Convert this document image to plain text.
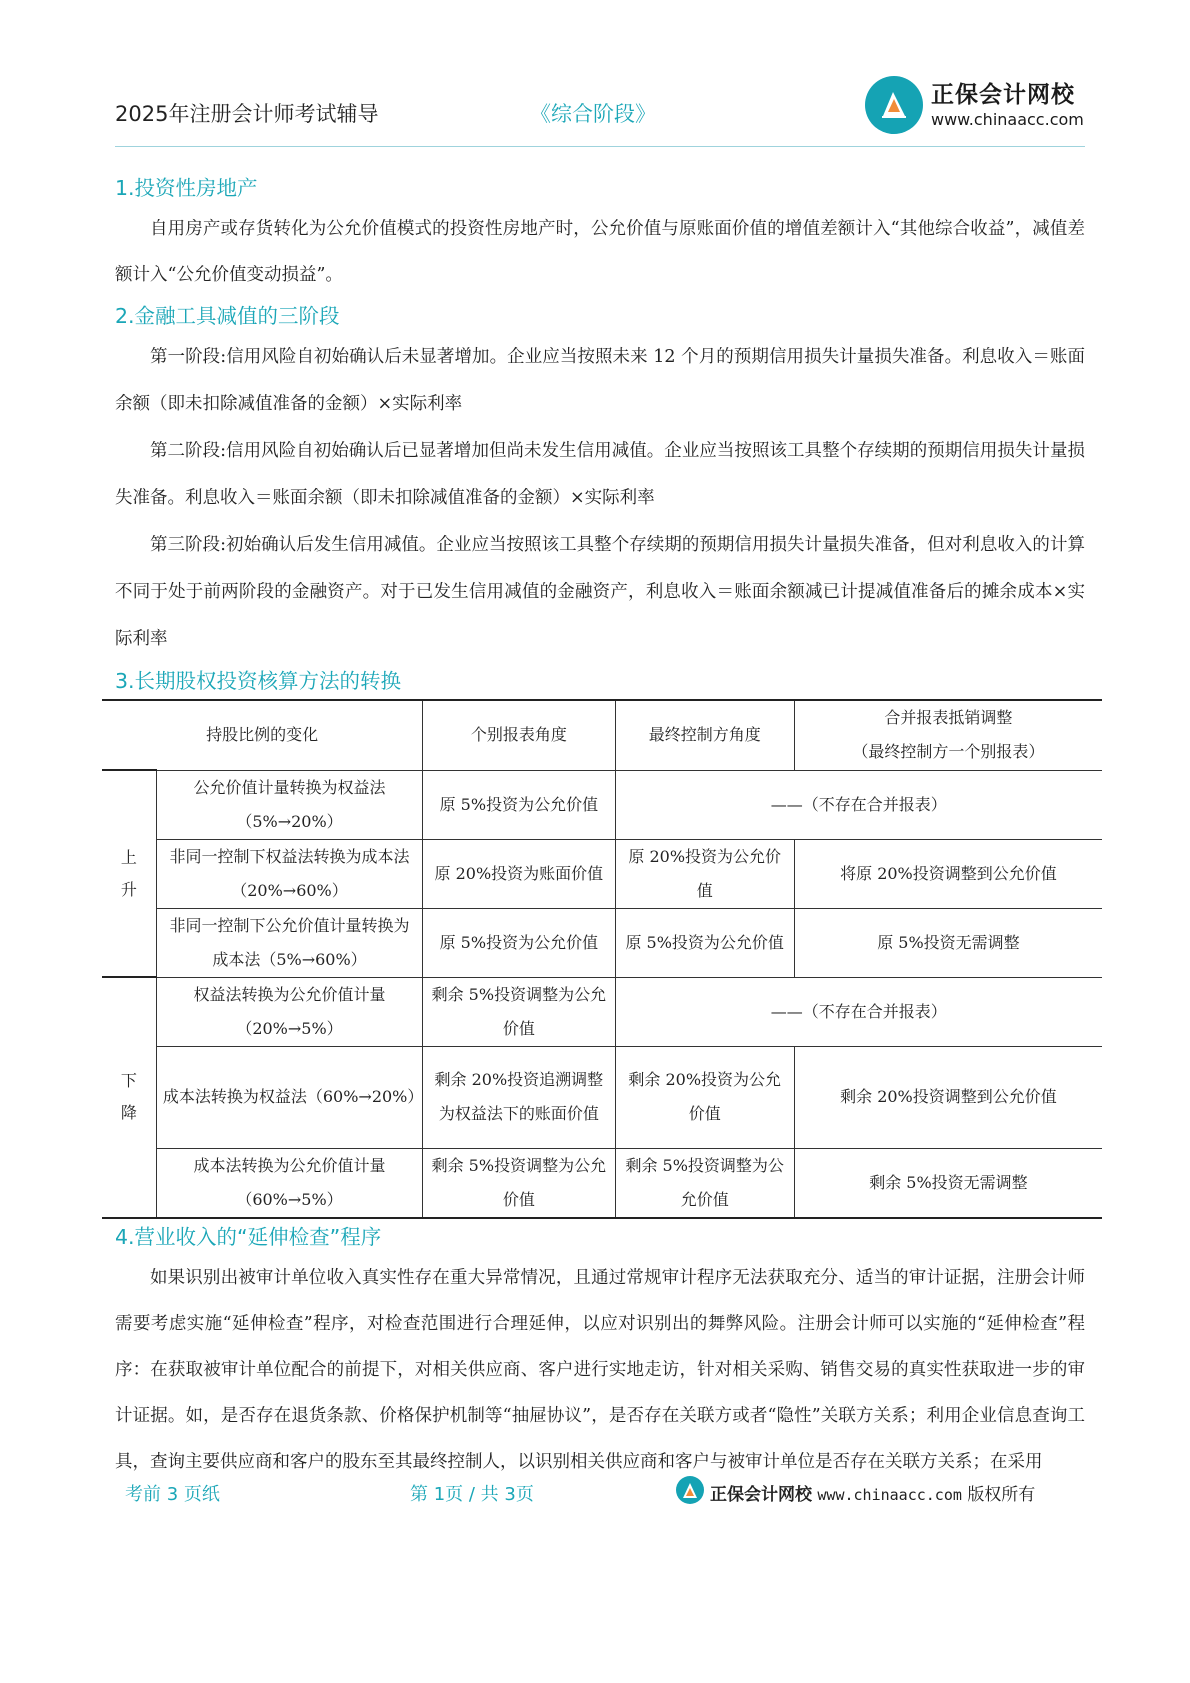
2025年注册会计师考试辅导	《综合阶段》
正保会计网校
www.chinaacc.com
1.投资性房地产

自用房产或存货转化为公允价值模式的投资性房地产时，公允价值与原账面价值的增值差额计入“其他综合收益”，减值差额计入“公允价值变动损益”。

2.金融工具减值的三阶段

第一阶段:信用风险自初始确认后未显著增加。企业应当按照未来 12 个月的预期信用损失计量损失准备。利息收入＝账面余额（即未扣除减值准备的金额）×实际利率

第二阶段:信用风险自初始确认后已显著增加但尚未发生信用减值。企业应当按照该工具整个存续期的预期信用损失计量损失准备。利息收入＝账面余额（即未扣除减值准备的金额）×实际利率

第三阶段:初始确认后发生信用减值。企业应当按照该工具整个存续期的预期信用损失计量损失准备，但对利息收入的计算不同于处于前两阶段的金融资产。对于已发生信用减值的金融资产，利息收入＝账面余额减已计提减值准备后的摊余成本×实际利率

3.长期股权投资核算方法的转换
持股比例的变化		个别报表角度	最终控制方角度	合并报表抵销调整
（最终控制方一个别报表）

上升	公允价值计量转换为权益法（5%→20%）	原 5%投资为公允价值	——（不存在合并报表）	
	非同一控制下权益法转换为成本法（20%→60%）	原 20%投资为账面价值	原 20%投资为公允价值	将原 20%投资调整到公允价值
	非同一控制下公允价值计量转换为成本法（5%→60%）	原 5%投资为公允价值	原 5%投资为公允价值	原 5%投资无需调整
下降	权益法转换为公允价值计量（20%→5%）	剩余 5%投资调整为公允价值	——（不存在合并报表）	
	成本法转换为权益法（60%→20%）	剩余 20%投资追溯调整为权益法下的账面价值	剩余 20%投资为公允价值	剩余 20%投资调整到公允价值
	成本法转换为公允价值计量（60%→5%）	剩余 5%投资调整为公允价值	剩余 5%投资调整为公允价值	剩余 5%投资无需调整
4.营业收入的“延伸检查”程序

如果识别出被审计单位收入真实性存在重大异常情况，且通过常规审计程序无法获取充分、适当的审计证据，注册会计师需要考虑实施“延伸检查”程序，对检查范围进行合理延伸，以应对识别出的舞弊风险。注册会计师可以实施的“延伸检查”程序：在获取被审计单位配合的前提下，对相关供应商、客户进行实地走访，针对相关采购、销售交易的真实性获取进一步的审计证据。如，是否存在退货条款、价格保护机制等“抽屉协议”，是否存在关联方或者“隐性”关联方关系；利用企业信息查询工具，查询主要供应商和客户的股东至其最终控制人，以识别相关供应商和客户与被审计单位是否存在关联方关系；在采用

考前 3 页纸	第 1页 / 共 3页	正保会计网校 www.chinaacc.com 版权所有
